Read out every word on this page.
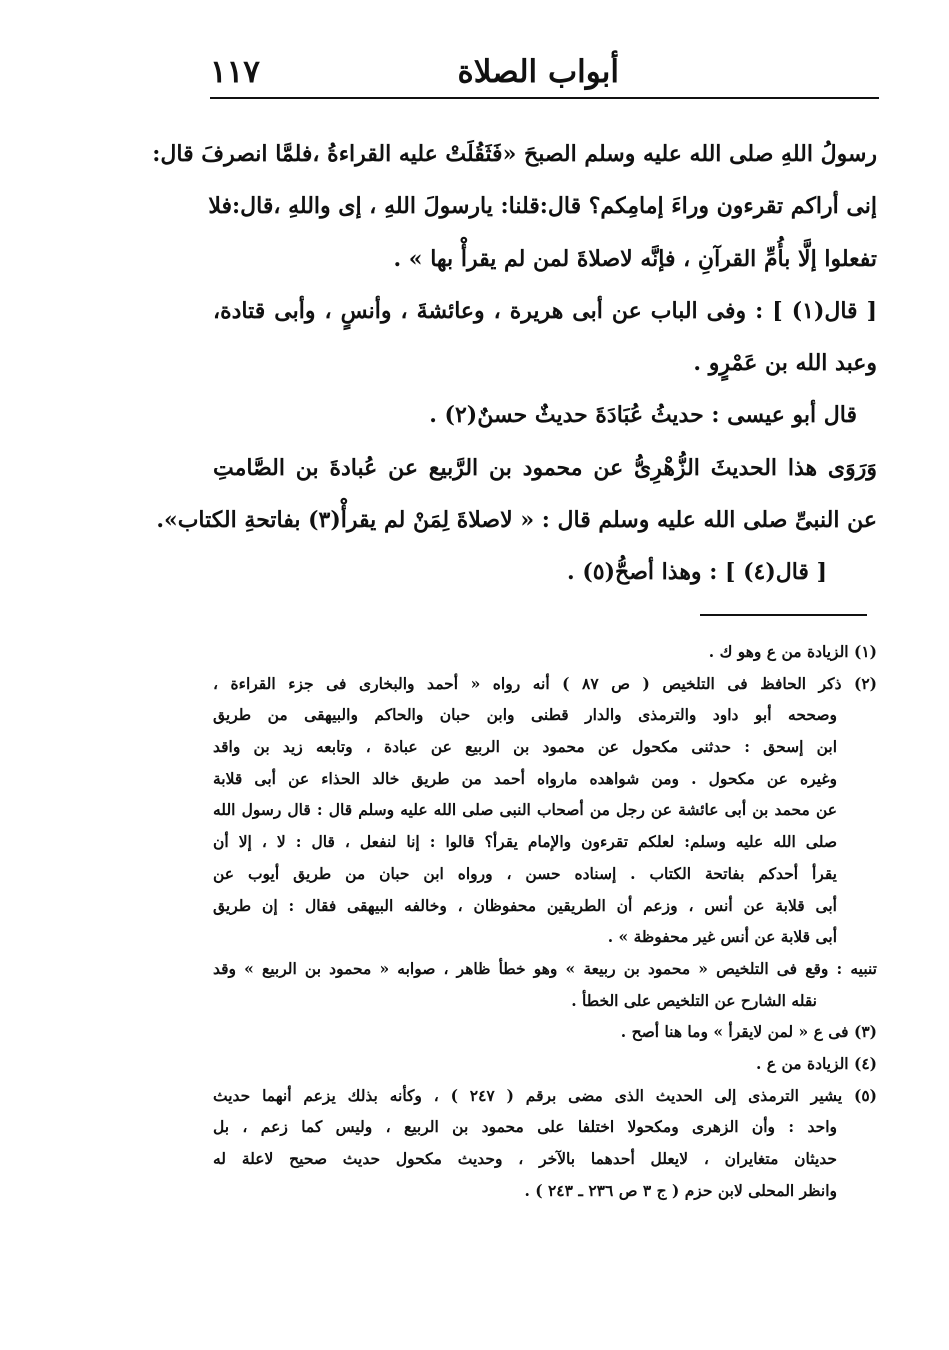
أبواب الصلاة
١١٧
رسولُ اللهِ صلى الله عليه وسلم الصبحَ «فَثَقُلَتْ عليه القراءةُ ،فلمَّا انصرفَ قال:
إنى أراكم تقرءون وراءَ إمامِكم؟ قال:قلنا: يارسولَ اللهِ ، إى واللهِ ،قال:فلا
تفعلوا إلَّا بأُمِّ القرآنِ ، فإنَّه لاصلاةَ لمن لم يقرأْ بها » .
[ قال(١) ] : وفى الباب عن أبى هريرة ، وعائشةَ ، وأنسٍ ، وأبى قتادة،
وعبد الله بن عَمْرٍو .
قال أبو عيسى : حديثُ عُبَادَةَ حديثٌ حسنٌ(٢) .
وَرَوَى هذا الحديثَ الزُّهْرِىُّ عن محمود بن الرَّبيع عن عُبادةَ بن الصَّامتِ
عن النبىِّ صلى الله عليه وسلم قال : « لاصلاةَ لِمَنْ لم يقرأْ(٣) بفاتحةِ الكتاب».
[ قال(٤) ] : وهذا أصحُّ(٥) .
(١) الزيادة من ع وهو ك .
(٢) ذكر الحافظ فى التلخيص ( ص ٨٧ ) أنه رواه « أحمد والبخارى فى جزء القراءة ،
وصححه أبو داود والترمذى والدار قطنى وابن حبان والحاكم والبيهقى من طريق
ابن إسحق : حدثنى مكحول عن محمود بن الربيع عن عبادة ، وتابعه زيد بن واقد
وغيره عن مكحول . ومن شواهده مارواه أحمد من طريق خالد الحذاء عن أبى قلابة
عن محمد بن أبى عائشة عن رجل من أصحاب النبى صلى الله عليه وسلم قال : قال رسول الله
صلى الله عليه وسلم: لعلكم تقرءون والإمام يقرأ؟ قالوا : إنا لنفعل ، قال : لا ، إلا أن
يقرأ أحدكم بفاتحة الكتاب . إسناده حسن ، ورواه ابن حبان من طريق أيوب عن
أبى قلابة عن أنس ، وزعم أن الطريقين محفوظان ، وخالفه البيهقى فقال : إن طريق
أبى قلابة عن أنس غير محفوظة » .
تنبيه : وقع فى التلخيص « محمود بن ربيعة » وهو خطأ ظاهر ، صوابه « محمود بن الربيع » وقد
نقله الشارح عن التلخيص على الخطأ .
(٣) فى ع « لمن لايقرأ » وما هنا أصح .
(٤) الزيادة من ع .
(٥) يشير الترمذى إلى الحديث الذى مضى برقم ( ٢٤٧ ) ، وكأنه بذلك يزعم أنهما حديث
واحد : وأن الزهرى ومكحولا اختلفا على محمود بن الربيع ، وليس كما زعم ، بل
حديثان متغايران ، لايعلل أحدهما بالآخر ، وحديث مكحول حديث صحيح لاعلة له
وانظر المحلى لابن حزم ( ج ٣ ص ٢٣٦ ـ ٢٤٣ ) .
